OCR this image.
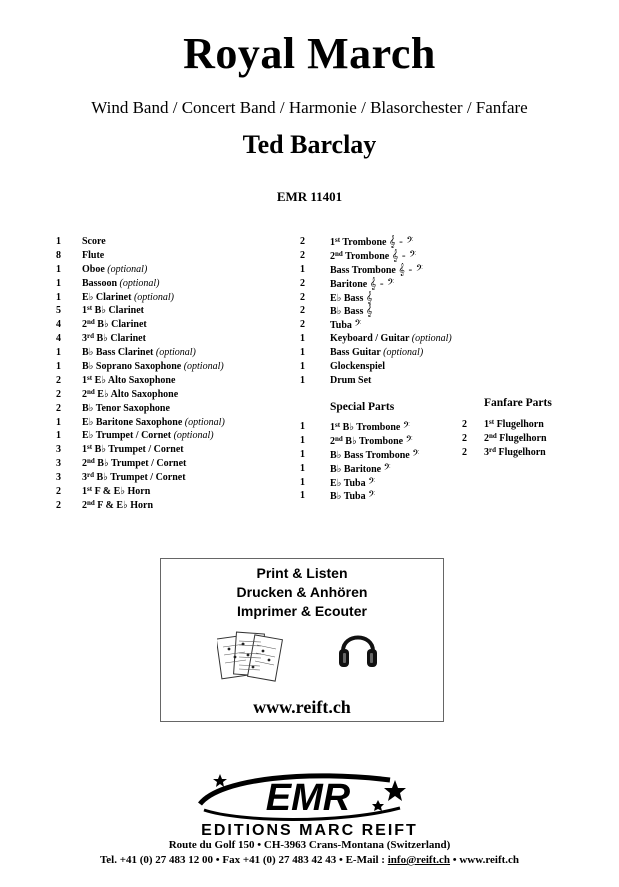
Royal March
Wind Band / Concert Band / Harmonie / Blasorchester / Fanfare
Ted Barclay
EMR 11401
1	Score
8	Flute
1	Oboe (optional)
1	Bassoon (optional)
1	E♭ Clarinet (optional)
5	1st B♭ Clarinet
4	2nd B♭ Clarinet
4	3rd B♭ Clarinet
1	B♭ Bass Clarinet (optional)
1	B♭ Soprano Saxophone (optional)
2	1st E♭ Alto Saxophone
2	2nd E♭ Alto Saxophone
2	B♭ Tenor Saxophone
1	E♭ Baritone Saxophone (optional)
1	E♭ Trumpet / Cornet (optional)
3	1st B♭ Trumpet / Cornet
3	2nd B♭ Trumpet / Cornet
3	3rd B♭ Trumpet / Cornet
2	1st F & E♭ Horn
2	2nd F & E♭ Horn
2	1st Trombone 𝄞 - 𝄢
2	2nd Trombone 𝄞 - 𝄢
1	Bass Trombone 𝄞 - 𝄢
2	Baritone 𝄞 - 𝄢
2	E♭ Bass 𝄞
2	B♭ Bass 𝄞
2	Tuba 𝄢
1	Keyboard / Guitar (optional)
1	Bass Guitar (optional)
1	Glockenspiel
1	Drum Set
Special Parts
1	1st B♭ Trombone 𝄢
1	2nd B♭ Trombone 𝄢
1	B♭ Bass Trombone 𝄢
1	B♭ Baritone 𝄢
1	E♭ Tuba 𝄢
1	B♭ Tuba 𝄢
Fanfare Parts
2	1st Flugelhorn
2	2nd Flugelhorn
2	3rd Flugelhorn
Print & Listen
Drucken & Anhören
Imprimer & Ecouter
www.reift.ch
EMR
EDITIONS MARC REIFT
Route du Golf 150 • CH-3963 Crans-Montana (Switzerland)
Tel. +41 (0) 27 483 12 00 • Fax +41 (0) 27 483 42 43 • E-Mail : info@reift.ch • www.reift.ch
